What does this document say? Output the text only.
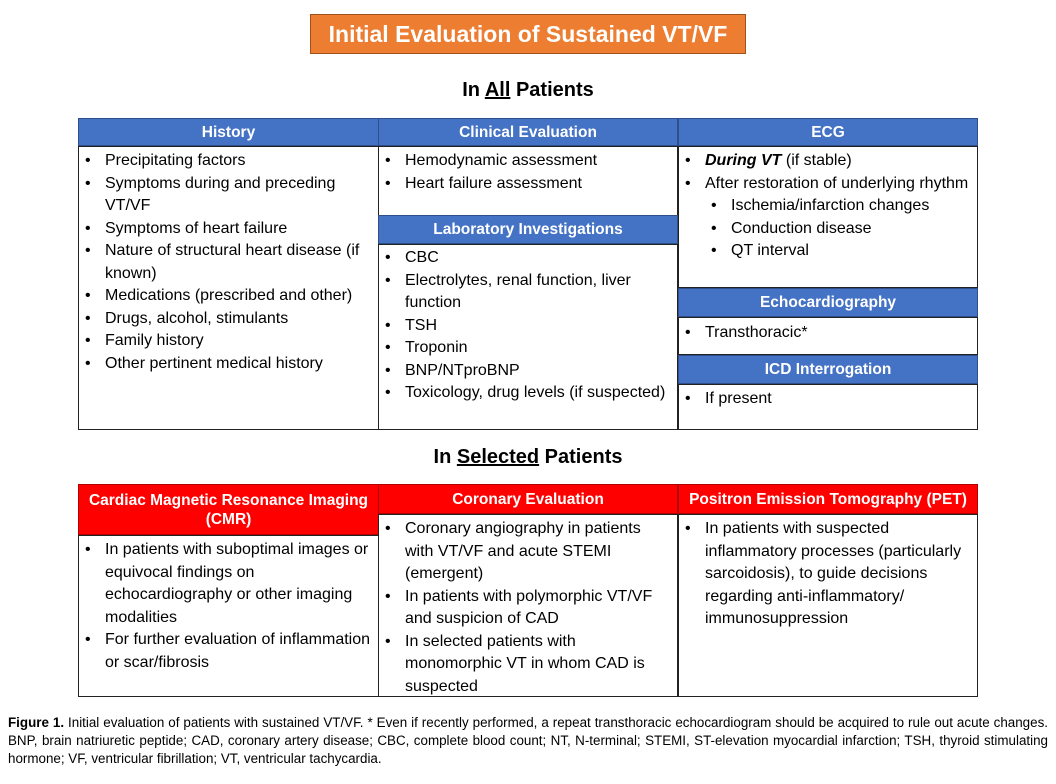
Initial Evaluation of Sustained VT/VF
In All Patients
History
• Precipitating factors
• Symptoms during and preceding VT/VF
• Symptoms of heart failure
• Nature of structural heart disease (if known)
• Medications (prescribed and other)
• Drugs, alcohol, stimulants
• Family history
• Other pertinent medical history
Clinical Evaluation
• Hemodynamic assessment
• Heart failure assessment
Laboratory Investigations
• CBC
• Electrolytes, renal function, liver function
• TSH
• Troponin
• BNP/NTproBNP
• Toxicology, drug levels (if suspected)
ECG
• During VT (if stable)
• After restoration of underlying rhythm
• Ischemia/infarction changes
• Conduction disease
• QT interval
Echocardiography
• Transthoracic*
ICD Interrogation
• If present
In Selected Patients
Cardiac Magnetic Resonance Imaging (CMR)
• In patients with suboptimal images or equivocal findings on echocardiography or other imaging modalities
• For further evaluation of inflammation or scar/fibrosis
Coronary Evaluation
• Coronary angiography in patients with VT/VF and acute STEMI (emergent)
• In patients with polymorphic VT/VF and suspicion of CAD
• In selected patients with monomorphic VT in whom CAD is suspected
Positron Emission Tomography (PET)
• In patients with suspected inflammatory processes (particularly sarcoidosis), to guide decisions regarding anti-inflammatory/ immunosuppression
Figure 1. Initial evaluation of patients with sustained VT/VF. * Even if recently performed, a repeat transthoracic echocardiogram should be acquired to rule out acute changes. BNP, brain natriuretic peptide; CAD, coronary artery disease; CBC, complete blood count; NT, N-terminal; STEMI, ST-elevation myocardial infarction; TSH, thyroid stimulating hormone; VF, ventricular fibrillation; VT, ventricular tachycardia.
